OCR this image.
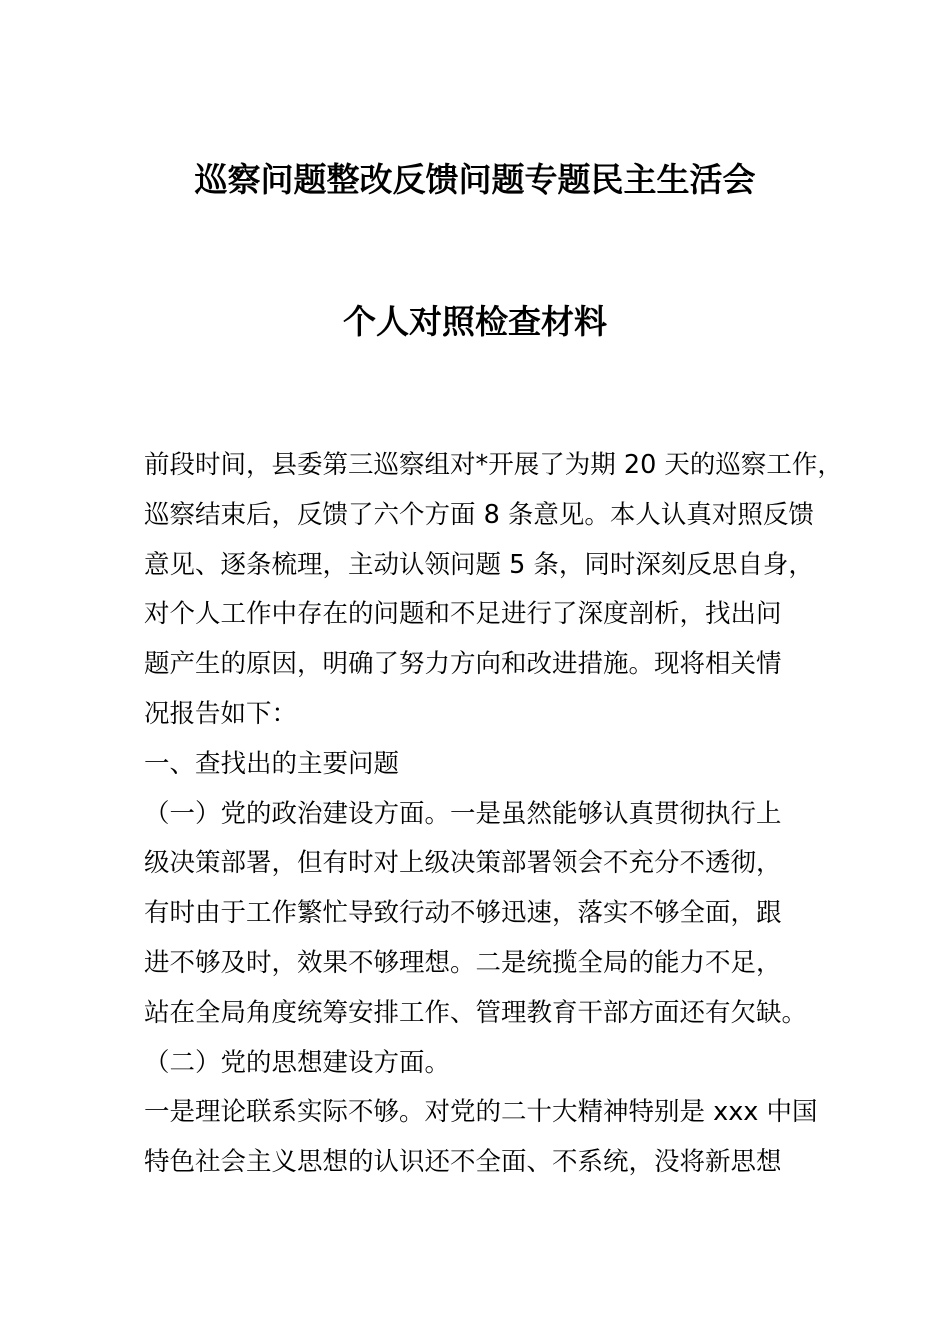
巡察问题整改反馈问题专题民主生活会
个人对照检查材料
前段时间，县委第三巡察组对*开展了为期 20 天的巡察工作，
巡察结束后，反馈了六个方面 8 条意见。本人认真对照反馈
意见、逐条梳理，主动认领问题 5 条，同时深刻反思自身，
对个人工作中存在的问题和不足进行了深度剖析，找出问
题产生的原因，明确了努力方向和改进措施。现将相关情
况报告如下：
一、查找出的主要问题
（一）党的政治建设方面。一是虽然能够认真贯彻执行上
级决策部署，但有时对上级决策部署领会不充分不透彻，
有时由于工作繁忙导致行动不够迅速，落实不够全面，跟
进不够及时，效果不够理想。二是统揽全局的能力不足，
站在全局角度统筹安排工作、管理教育干部方面还有欠缺。
（二）党的思想建设方面。
一是理论联系实际不够。对党的二十大精神特别是 xxx 中国
特色社会主义思想的认识还不全面、不系统，没将新思想
